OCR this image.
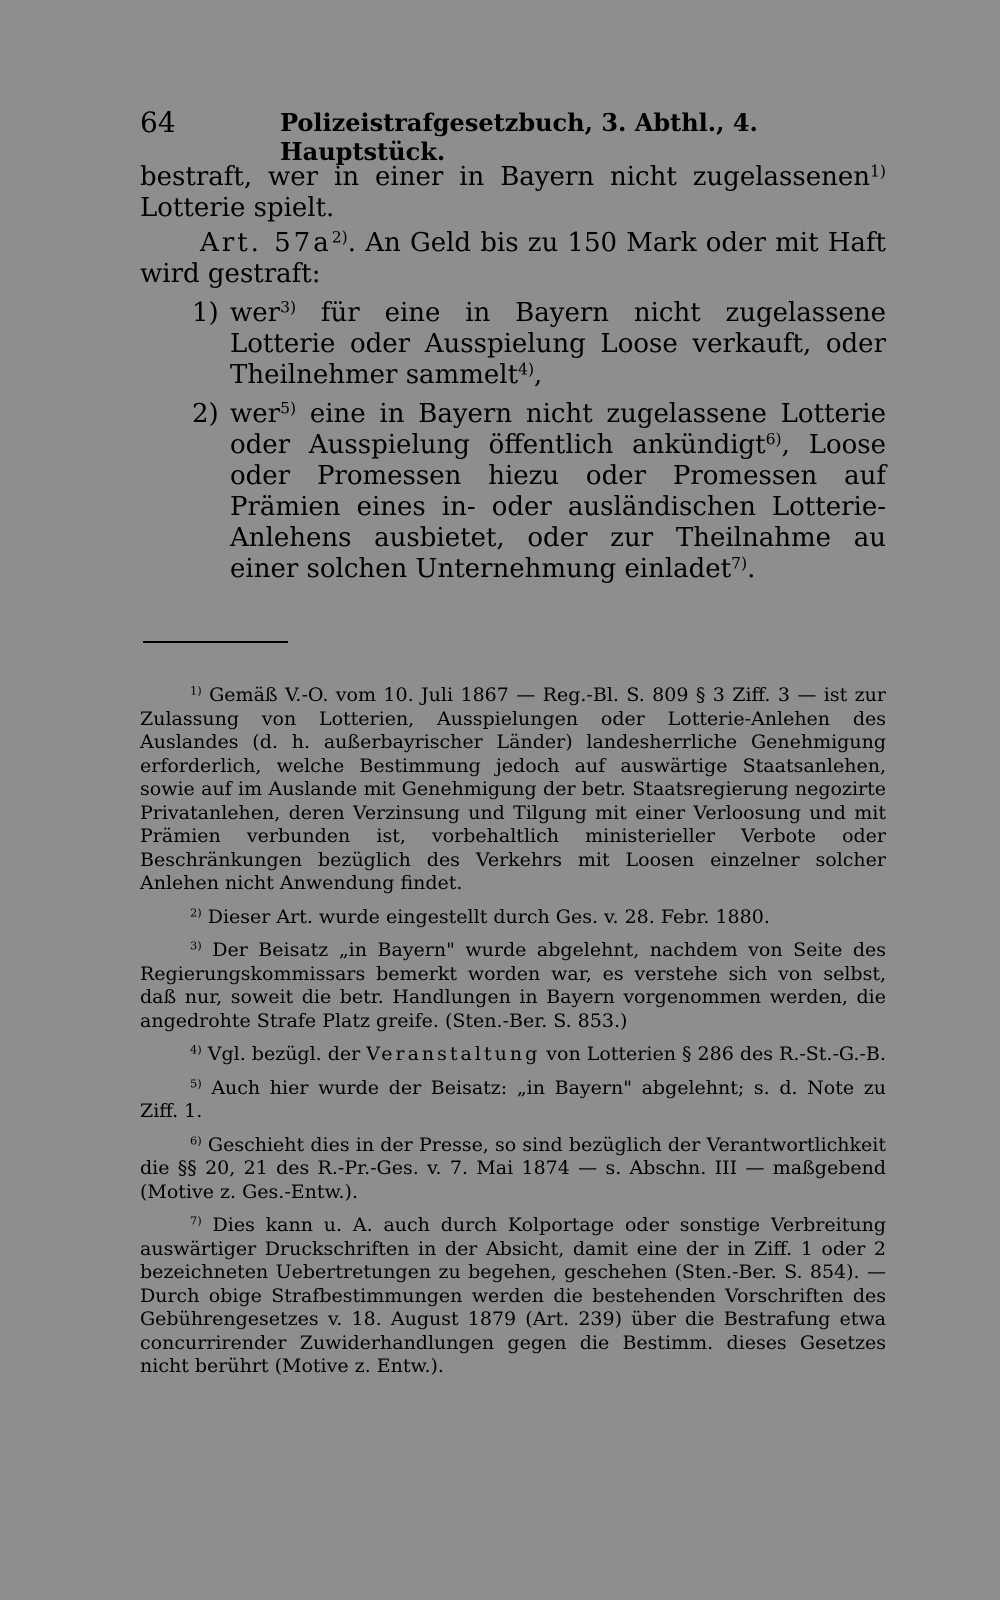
64	Polizeistrafgesetzbuch, 3. Abthl., 4. Hauptstück.

bestraft, wer in einer in Bayern nicht zugelassenen$^{1)}$ Lotterie spielt.

Art. $57a^{2)}$. An Geld bis zu 150 Mark oder mit Haft wird gestraft:

1) wer$^{3)}$ für eine in Bayern nicht zugelassene Lotterie oder Ausspielung Loose verkauft, oder Theilnehmer sammelt$^{4)}$,

2) wer$^{5)}$ eine in Bayern nicht zugelassene Lotterie oder Ausspielung öffentlich ankündigt$^{6)}$, Loose oder Promessen hiezu oder Promessen auf Prämien eines in- oder ausländischen Lotterie-Anlehens ausbietet, oder zur Theilnahme au einer solchen Unternehmung einladet$^{7)}$.

$^{1)}$ Gemäß V.-O. vom 10. Juli 1867 — Reg.-Bl. S. 809 § 3 Ziff. 3 — ist zur Zulassung von Lotterien, Ausspielungen oder Lotterie-Anlehen des Auslandes (d. h. außerbayrischer Länder) landesherrliche Genehmigung erforderlich, welche Bestimmung jedoch auf auswärtige Staatsanlehen, sowie auf im Auslande mit Genehmigung der betr. Staatsregierung negozirte Privatanlehen, deren Verzinsung und Tilgung mit einer Verloosung und mit Prämien verbunden ist, vorbehaltlich ministerieller Verbote oder Beschränkungen bezüglich des Verkehrs mit Loosen einzelner solcher Anlehen nicht Anwendung findet.

$^{2)}$ Dieser Art. wurde eingestellt durch Ges. v. 28. Febr. 1880.

$^{3)}$ Der Beisatz „in Bayern" wurde abgelehnt, nachdem von Seite des Regierungskommissars bemerkt worden war, es verstehe sich von selbst, daß nur, soweit die betr. Handlungen in Bayern vorgenommen werden, die angedrohte Strafe Platz greife. (Sten.-Ber. S. 853.)

$^{4)}$ Vgl. bezügl. der Veranstaltung von Lotterien § 286 des R.-St.-G.-B.

$^{5)}$ Auch hier wurde der Beisatz: „in Bayern" abgelehnt; s. d. Note zu Ziff. 1.

$^{6)}$ Geschieht dies in der Presse, so sind bezüglich der Verantwortlichkeit die §§ 20, 21 des R.-Pr.-Ges. v. 7. Mai 1874 — s. Abschn. III — maßgebend (Motive z. Ges.-Entw.).

$^{7)}$ Dies kann u. A. auch durch Kolportage oder sonstige Verbreitung auswärtiger Druckschriften in der Absicht, damit eine der in Ziff. 1 oder 2 bezeichneten Uebertretungen zu begehen, geschehen (Sten.-Ber. S. 854). — Durch obige Strafbestimmungen werden die bestehenden Vorschriften des Gebührengesetzes v. 18. August 1879 (Art. 239) über die Bestrafung etwa concurrirender Zuwiderhandlungen gegen die Bestimm. dieses Gesetzes nicht berührt (Motive z. Entw.).
